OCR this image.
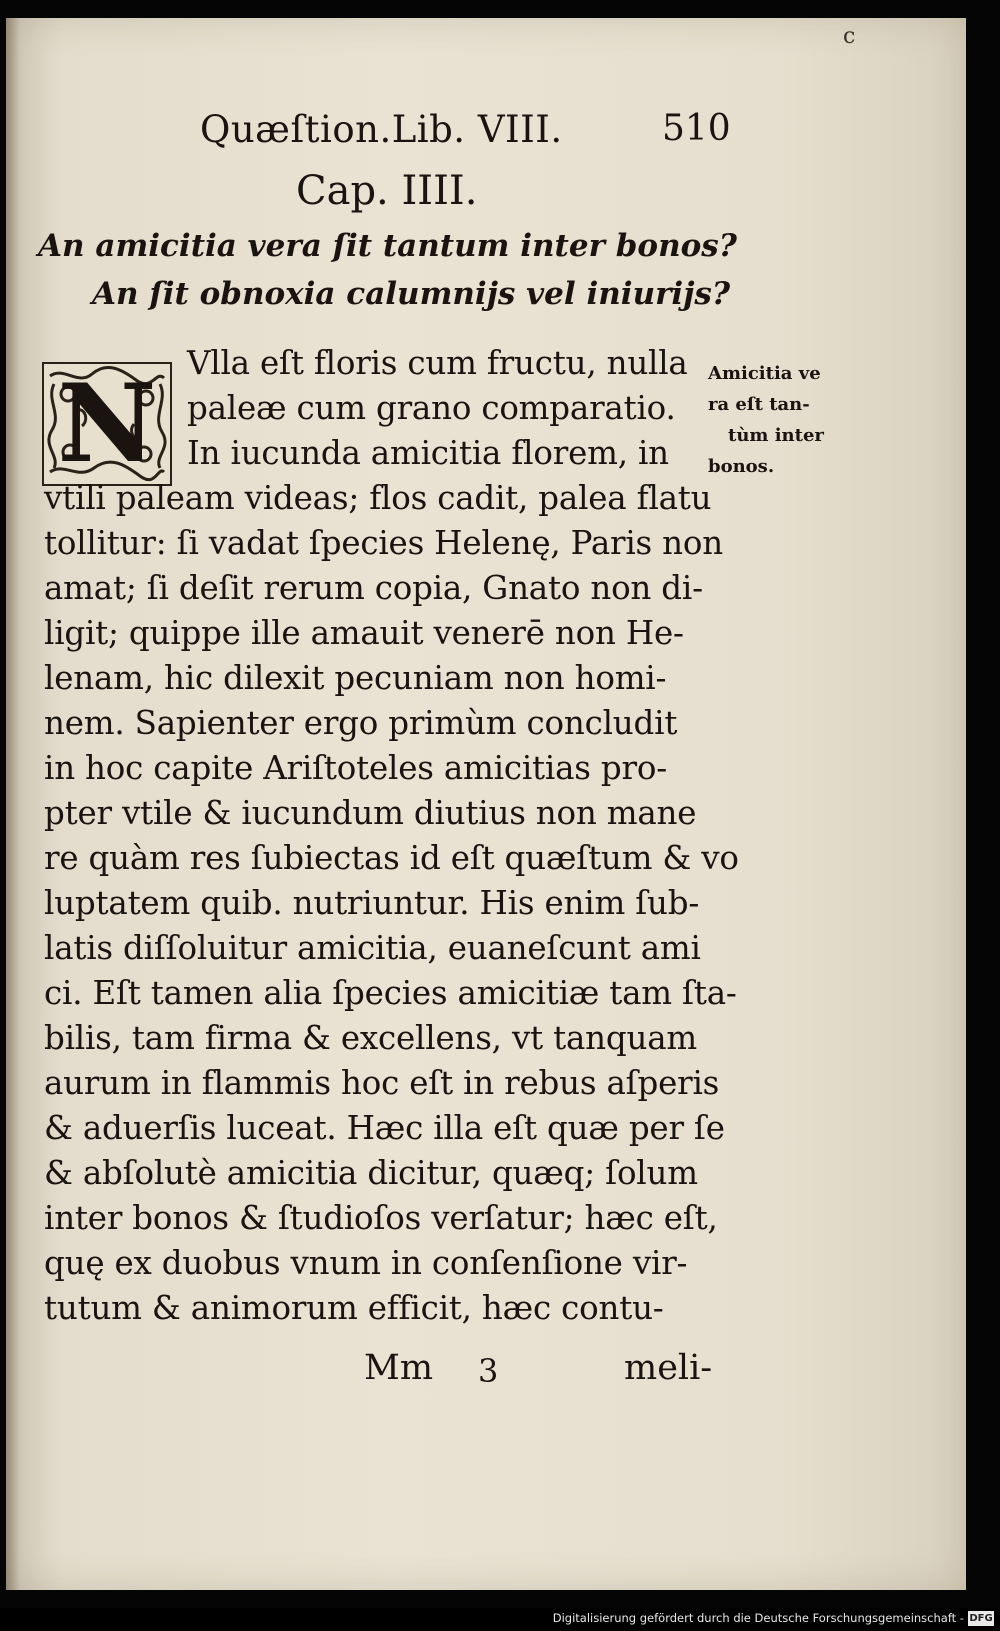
c
Quæſtion.Lib. VIII.	510
Cap. IIII.
An amicitia vera ſit tantum inter bonos?
An ſit obnoxia calumnijs vel iniurijs?
N Vlla eſt floris cum fructu, nulla
paleæ cum grano comparatio.
In iucunda amicitia florem, in
vtili paleam videas; flos cadit, palea flatu
tollitur: ſi vadat ſpecies Helenę, Paris non
amat; ſi deſit rerum copia, Gnato non di-
ligit; quippe ille amauit venerē non He-
lenam, hic dilexit pecuniam non homi-
nem. Sapienter ergo primùm concludit
in hoc capite Ariſtoteles amicitias pro-
pter vtile & iucundum diutius non mane
re quàm res ſubiectas id eſt quæſtum & vo
luptatem quib. nutriuntur. His enim ſub-
latis diſſoluitur amicitia, euaneſcunt ami
ci. Eſt tamen alia ſpecies amicitiæ tam ſta-
bilis, tam firma & excellens, vt tanquam
aurum in flammis hoc eſt in rebus aſperis
& aduerſis luceat. Hæc illa eſt quæ per ſe
& abſolutè amicitia dicitur, quæq; ſolum
inter bonos & ſtudioſos verſatur; hæc eſt,
quę ex duobus vnum in conſenſione vir-
tutum & animorum efficit, hæc contu-
Amicitia ve
ra eſt tan-
tùm inter
bonos.
Mm 3	meli-
Digitalisierung gefördert durch die Deutsche Forschungsgemeinschaft - DFG
